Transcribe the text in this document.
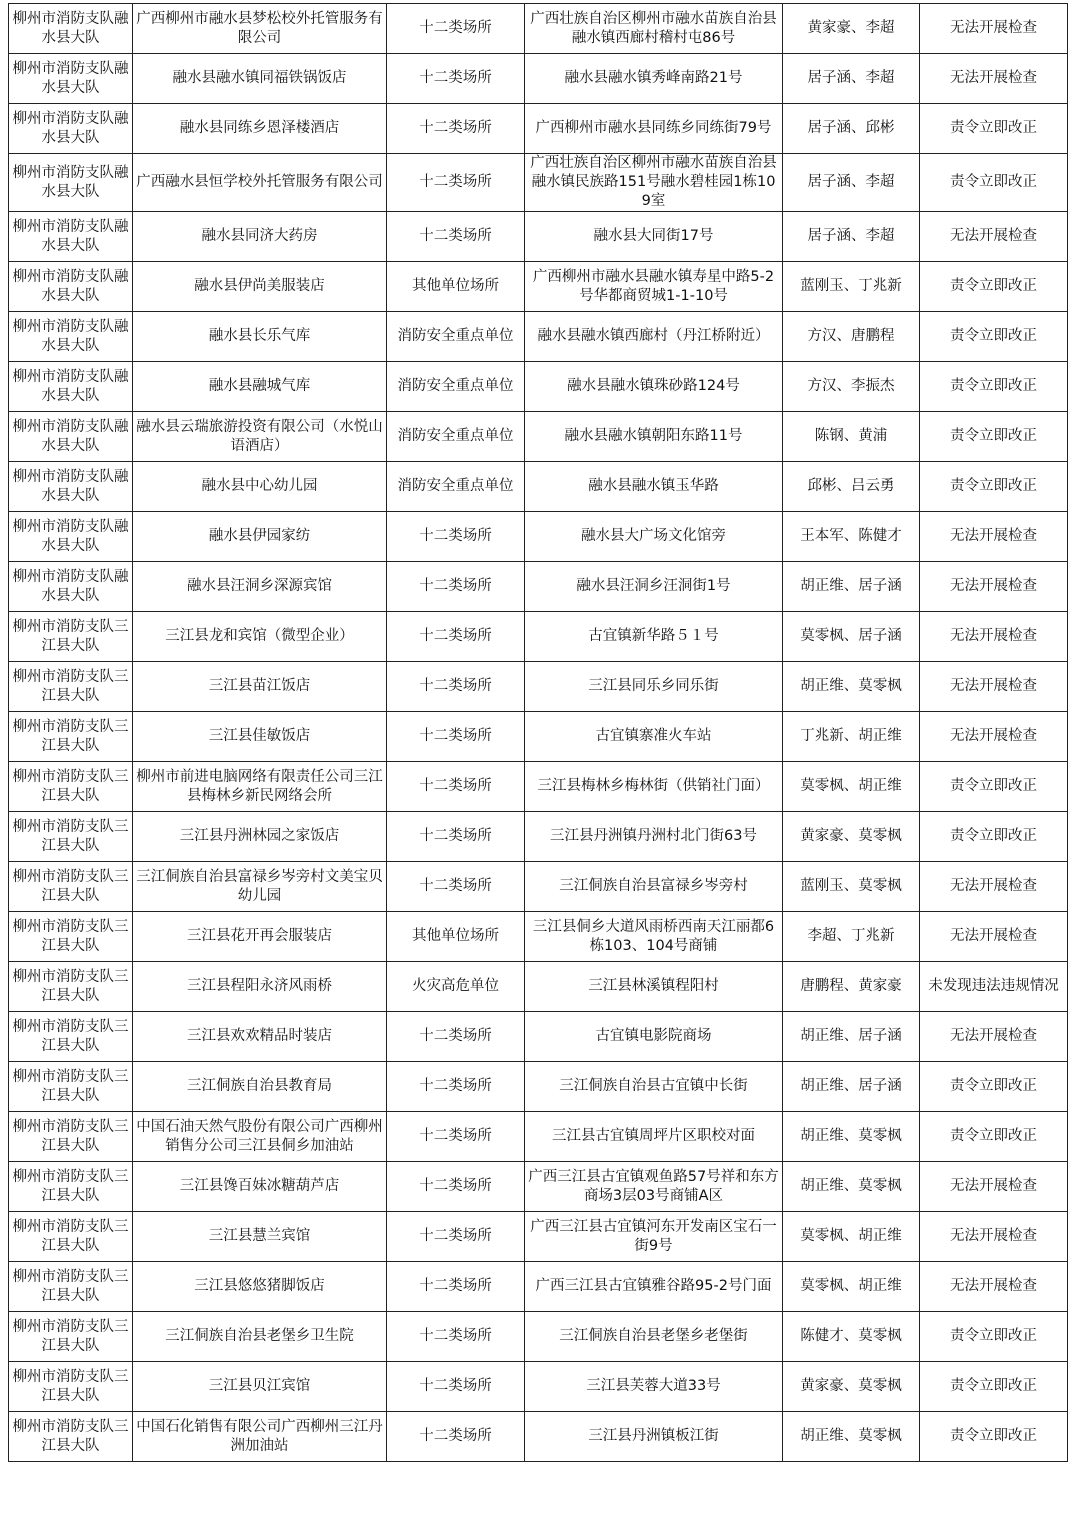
柳州市消防支队融水县大队	广西柳州市融水县梦松校外托管服务有限公司	十二类场所	广西壮族自治区柳州市融水苗族自治县融水镇西廊村稽村屯86号	黄家豪、李超	无法开展检查
柳州市消防支队融水县大队	融水县融水镇同福铁锅饭店	十二类场所	融水县融水镇秀峰南路21号	居子涵、李超	无法开展检查
柳州市消防支队融水县大队	融水县同练乡恩泽楼酒店	十二类场所	广西柳州市融水县同练乡同练街79号	居子涵、邱彬	责令立即改正
柳州市消防支队融水县大队	广西融水县恒学校外托管服务有限公司	十二类场所	广西壮族自治区柳州市融水苗族自治县融水镇民族路151号融水碧桂园1栋109室	居子涵、李超	责令立即改正
柳州市消防支队融水县大队	融水县同济大药房	十二类场所	融水县大同街17号	居子涵、李超	无法开展检查
柳州市消防支队融水县大队	融水县伊尚美服装店	其他单位场所	广西柳州市融水县融水镇寿星中路5-2号华都商贸城1-1-10号	蓝刚玉、丁兆新	责令立即改正
柳州市消防支队融水县大队	融水县长乐气库	消防安全重点单位	融水县融水镇西廊村（丹江桥附近）	方汉、唐鹏程	责令立即改正
柳州市消防支队融水县大队	融水县融城气库	消防安全重点单位	融水县融水镇珠砂路124号	方汉、李振杰	责令立即改正
柳州市消防支队融水县大队	融水县云瑞旅游投资有限公司（水悦山语酒店）	消防安全重点单位	融水县融水镇朝阳东路11号	陈钢、黄浦	责令立即改正
柳州市消防支队融水县大队	融水县中心幼儿园	消防安全重点单位	融水县融水镇玉华路	邱彬、吕云勇	责令立即改正
柳州市消防支队融水县大队	融水县伊园家纺	十二类场所	融水县大广场文化馆旁	王本军、陈健才	无法开展检查
柳州市消防支队融水县大队	融水县汪洞乡深源宾馆	十二类场所	融水县汪洞乡汪洞街1号	胡正维、居子涵	无法开展检查
柳州市消防支队三江县大队	三江县龙和宾馆（微型企业）	十二类场所	古宜镇新华路５１号	莫零枫、居子涵	无法开展检查
柳州市消防支队三江县大队	三江县苗江饭店	十二类场所	三江县同乐乡同乐街	胡正维、莫零枫	无法开展检查
柳州市消防支队三江县大队	三江县佳敏饭店	十二类场所	古宜镇寨准火车站	丁兆新、胡正维	无法开展检查
柳州市消防支队三江县大队	柳州市前进电脑网络有限责任公司三江县梅林乡新民网络会所	十二类场所	三江县梅林乡梅林街（供销社门面）	莫零枫、胡正维	责令立即改正
柳州市消防支队三江县大队	三江县丹洲林园之家饭店	十二类场所	三江县丹洲镇丹洲村北门街63号	黄家豪、莫零枫	责令立即改正
柳州市消防支队三江县大队	三江侗族自治县富禄乡岑旁村文美宝贝幼儿园	十二类场所	三江侗族自治县富禄乡岑旁村	蓝刚玉、莫零枫	无法开展检查
柳州市消防支队三江县大队	三江县花开再会服装店	其他单位场所	三江县侗乡大道风雨桥西南天江丽都6栋103、104号商铺	李超、丁兆新	无法开展检查
柳州市消防支队三江县大队	三江县程阳永济风雨桥	火灾高危单位	三江县林溪镇程阳村	唐鹏程、黄家豪	未发现违法违规情况
柳州市消防支队三江县大队	三江县欢欢精品时装店	十二类场所	古宜镇电影院商场	胡正维、居子涵	无法开展检查
柳州市消防支队三江县大队	三江侗族自治县教育局	十二类场所	三江侗族自治县古宜镇中长街	胡正维、居子涵	责令立即改正
柳州市消防支队三江县大队	中国石油天然气股份有限公司广西柳州销售分公司三江县侗乡加油站	十二类场所	三江县古宜镇周坪片区职校对面	胡正维、莫零枫	责令立即改正
柳州市消防支队三江县大队	三江县馋百妹冰糖葫芦店	十二类场所	广西三江县古宜镇观鱼路57号祥和东方商场3层03号商铺A区	胡正维、莫零枫	无法开展检查
柳州市消防支队三江县大队	三江县慧兰宾馆	十二类场所	广西三江县古宜镇河东开发南区宝石一街9号	莫零枫、胡正维	无法开展检查
柳州市消防支队三江县大队	三江县悠悠猪脚饭店	十二类场所	广西三江县古宜镇雅谷路95-2号门面	莫零枫、胡正维	无法开展检查
柳州市消防支队三江县大队	三江侗族自治县老堡乡卫生院	十二类场所	三江侗族自治县老堡乡老堡街	陈健才、莫零枫	责令立即改正
柳州市消防支队三江县大队	三江县贝江宾馆	十二类场所	三江县芙蓉大道33号	黄家豪、莫零枫	责令立即改正
柳州市消防支队三江县大队	中国石化销售有限公司广西柳州三江丹洲加油站	十二类场所	三江县丹洲镇板江街	胡正维、莫零枫	责令立即改正
